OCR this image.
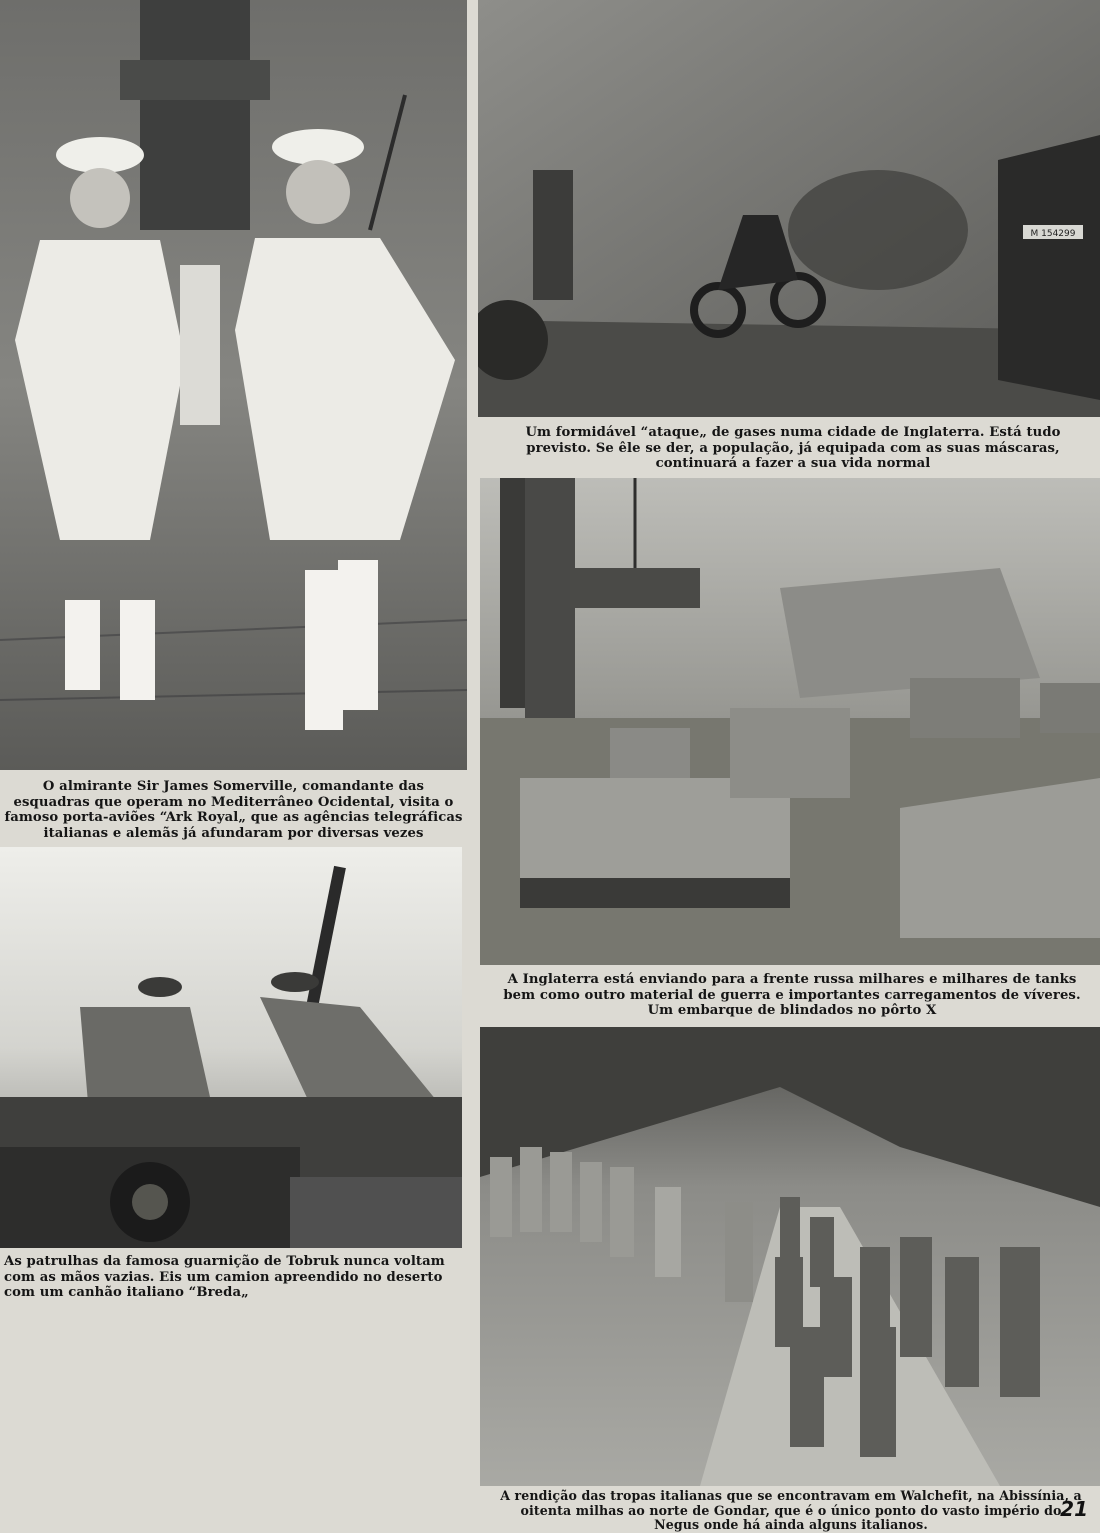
O almirante Sir James Somerville, comandante das esquadras que operam no Mediterrâneo Ocidental, visita o famoso porta-aviões “Ark Royal„ que as agências telegráficas italianas e alemãs já afundaram por diversas vezes
M 154299
Um formidável “ataque„ de gases numa cidade de Inglaterra. Está tudo previsto. Se êle se der, a população, já equipada com as suas máscaras, continuará a fazer a sua vida normal
A Inglaterra está enviando para a frente russa milhares e milhares de tanks bem como outro material de guerra e importantes carregamentos de víveres. Um embarque de blindados no pôrto X
As patrulhas da famosa guarnição de Tobruk nunca voltam com as mãos vazias. Eis um camion apreendido no deserto com um canhão italiano “Breda„
A rendição das tropas italianas que se encontravam em Walchefit, na Abissínia, a oitenta milhas ao norte de Gondar, que é o único ponto do vasto império do Negus onde há ainda alguns italianos.
21
